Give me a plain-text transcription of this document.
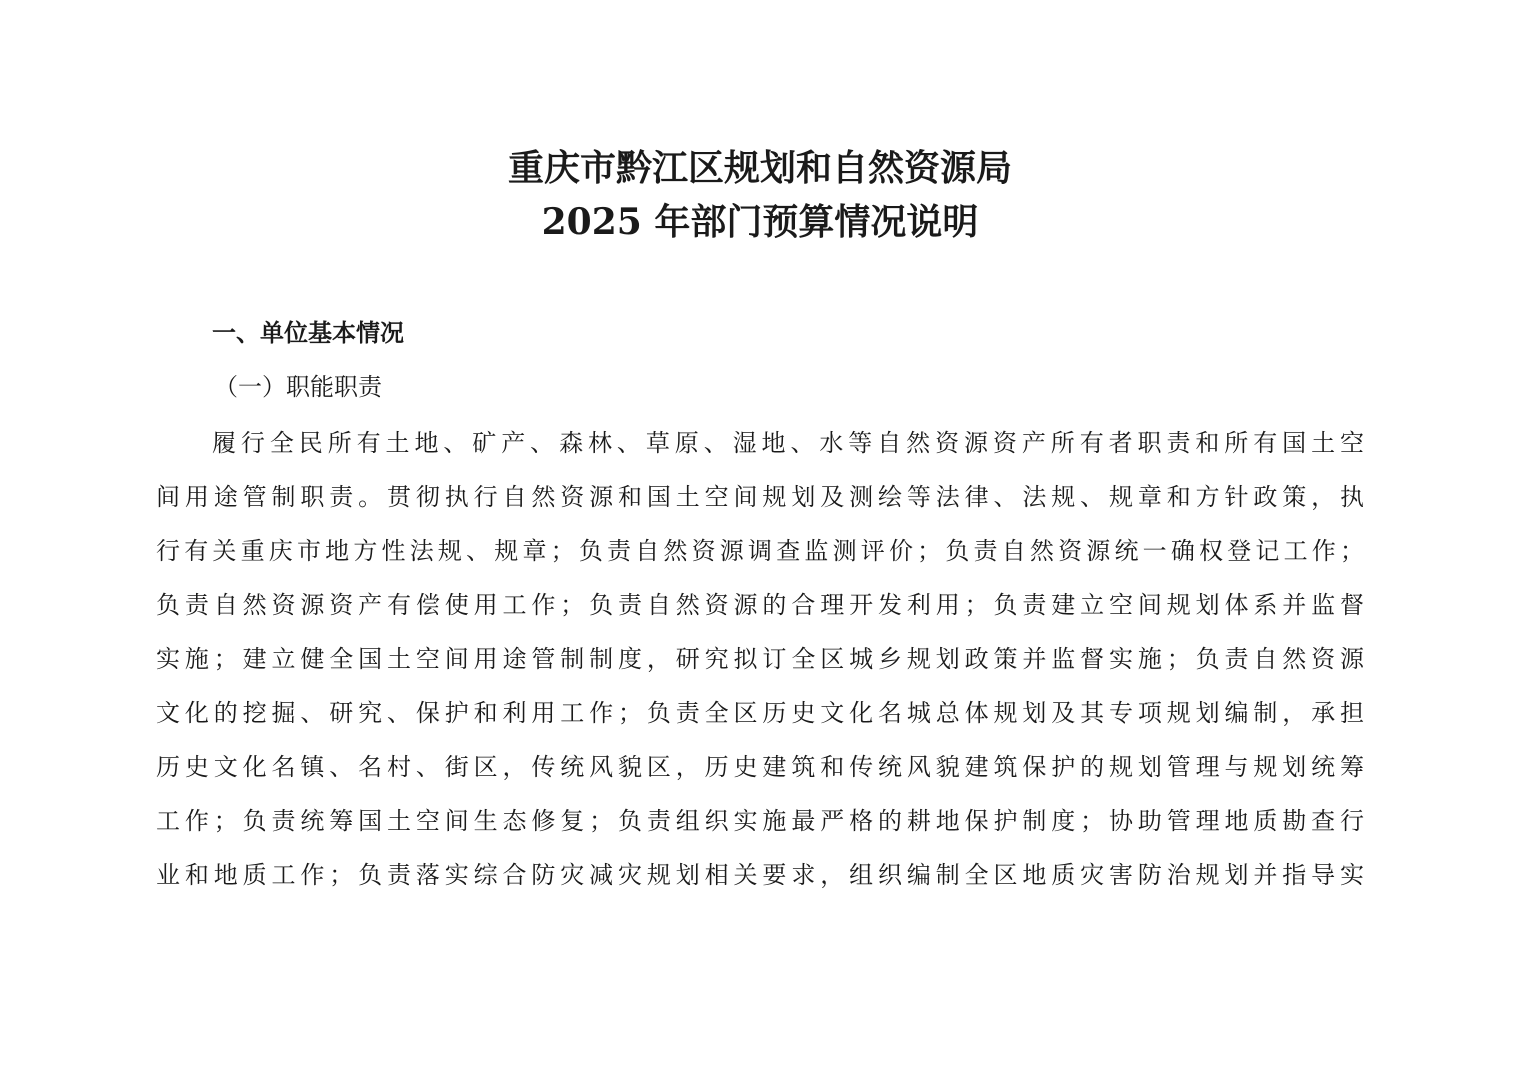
重庆市黔江区规划和自然资源局
2025 年部门预算情况说明
一、单位基本情况
（一）职能职责
履行全民所有土地、矿产、森林、草原、湿地、水等自然资源资产所有者职责和所有国土空
间用途管制职责。贯彻执行自然资源和国土空间规划及测绘等法律、法规、规章和方针政策，执
行有关重庆市地方性法规、规章；负责自然资源调查监测评价；负责自然资源统一确权登记工作；
负责自然资源资产有偿使用工作；负责自然资源的合理开发利用；负责建立空间规划体系并监督
实施；建立健全国土空间用途管制制度，研究拟订全区城乡规划政策并监督实施；负责自然资源
文化的挖掘、研究、保护和利用工作；负责全区历史文化名城总体规划及其专项规划编制，承担
历史文化名镇、名村、街区，传统风貌区，历史建筑和传统风貌建筑保护的规划管理与规划统筹
工作；负责统筹国土空间生态修复；负责组织实施最严格的耕地保护制度；协助管理地质勘查行
业和地质工作；负责落实综合防灾减灾规划相关要求，组织编制全区地质灾害防治规划并指导实
